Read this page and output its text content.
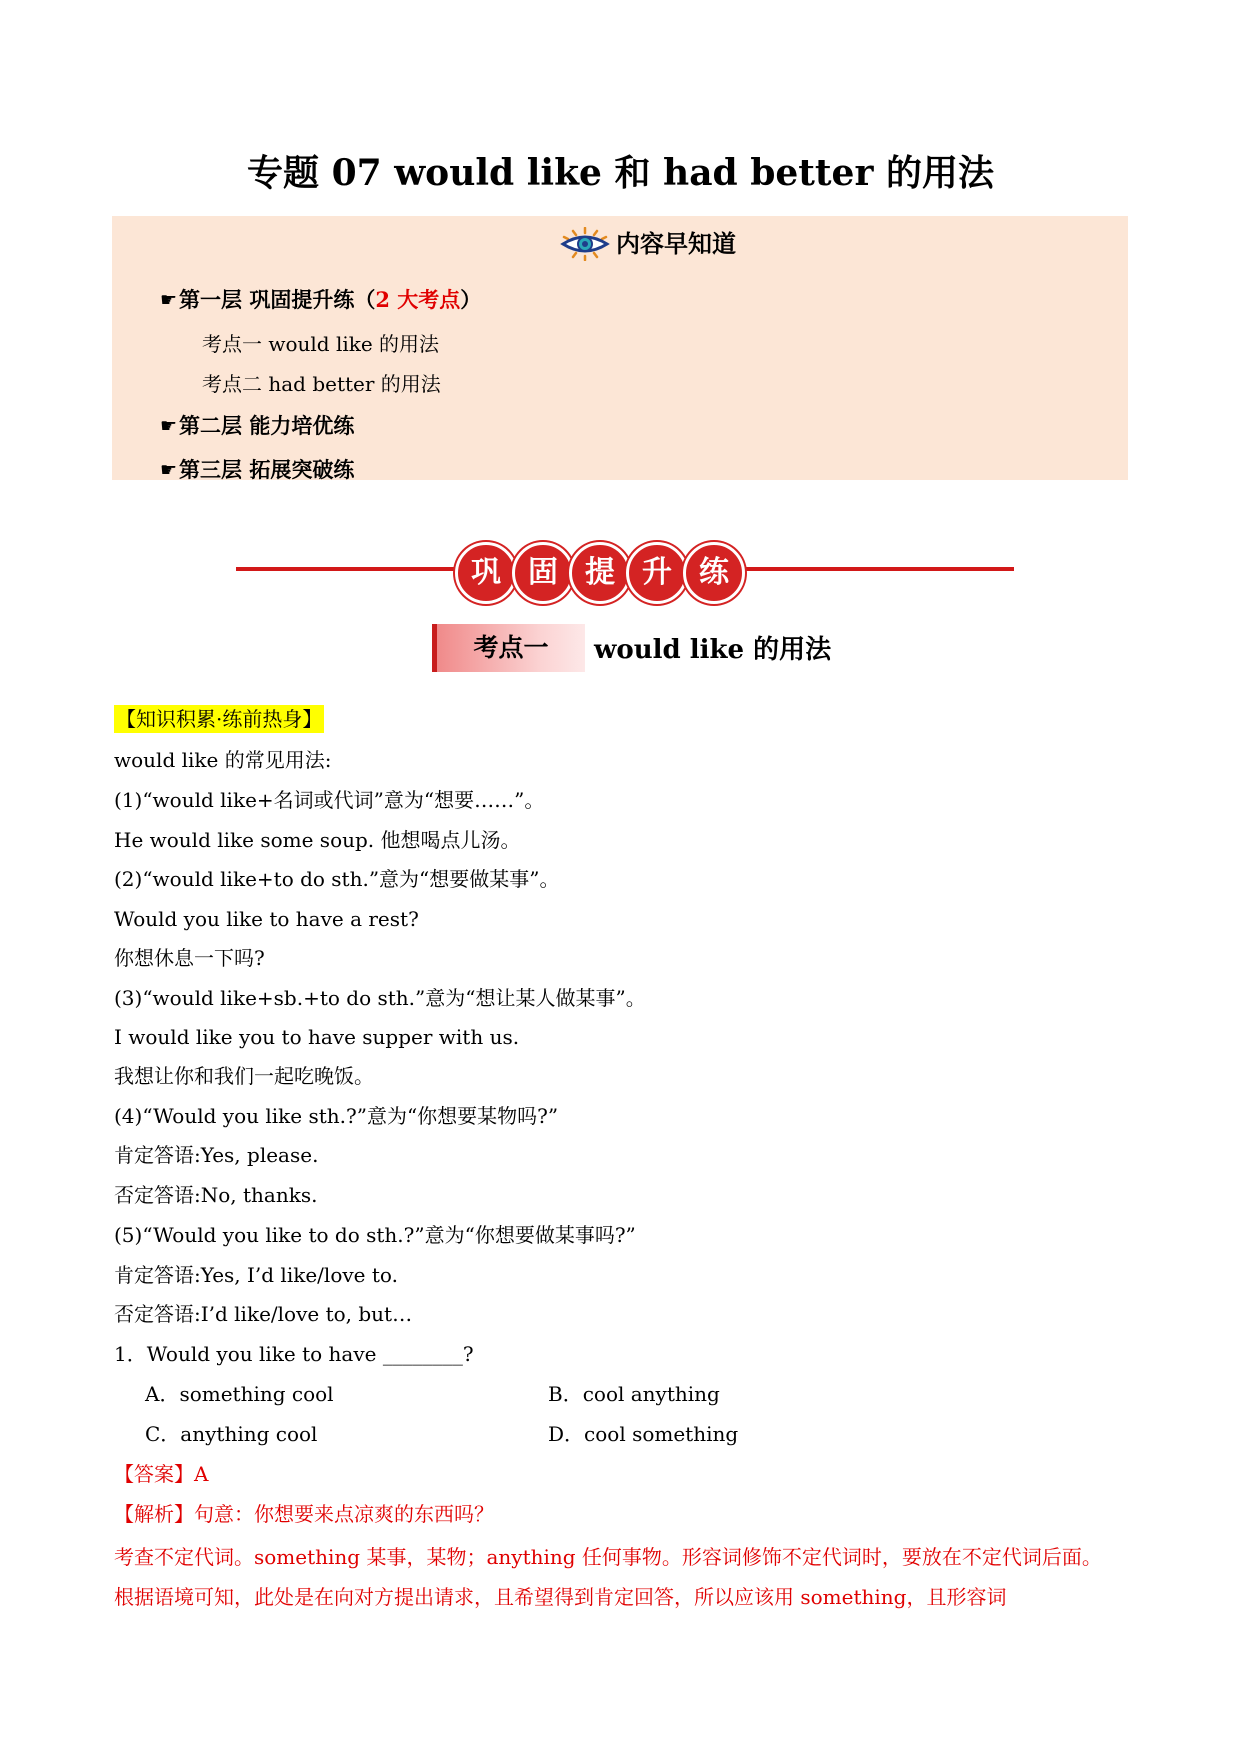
专题 07 would like 和 had better 的用法
内容早知道
☛ 第一层 巩固提升练（ 2 大考点 ）
考点一 would like 的用法
考点二 had better 的用法
☛ 第二层 能力培优练
☛ 第三层 拓展突破练
巩 固 提 升 练
考点一	would like 的用法
【知识积累·练前热身】
would like 的常见用法:
(1)“would like+名词或代词”意为“想要……”。
He would like some soup. 他想喝点儿汤。
(2)“would like+to do sth.”意为“想要做某事”。
Would you like to have a rest?
你想休息一下吗?
(3)“would like+sb.+to do sth.”意为“想让某人做某事”。
I would like you to have supper with us.
我想让你和我们一起吃晚饭。
(4)“Would you like sth.?”意为“你想要某物吗?”
肯定答语:Yes, please.
否定答语:No, thanks.
(5)“Would you like to do sth.?”意为“你想要做某事吗?”
肯定答语:Yes, I’d like/love to.
否定答语:I’d like/love to, but…
1．Would you like to have ________?
A．something cool	B．cool anything
C．anything cool	D．cool something
【答案】A
【解析】句意：你想要来点凉爽的东西吗？
考查不定代词。something 某事，某物；anything 任何事物。形容词修饰不定代词时，要放在不定代词后面。根据语境可知，此处是在向对方提出请求，且希望得到肯定回答，所以应该用 something，且形容词
